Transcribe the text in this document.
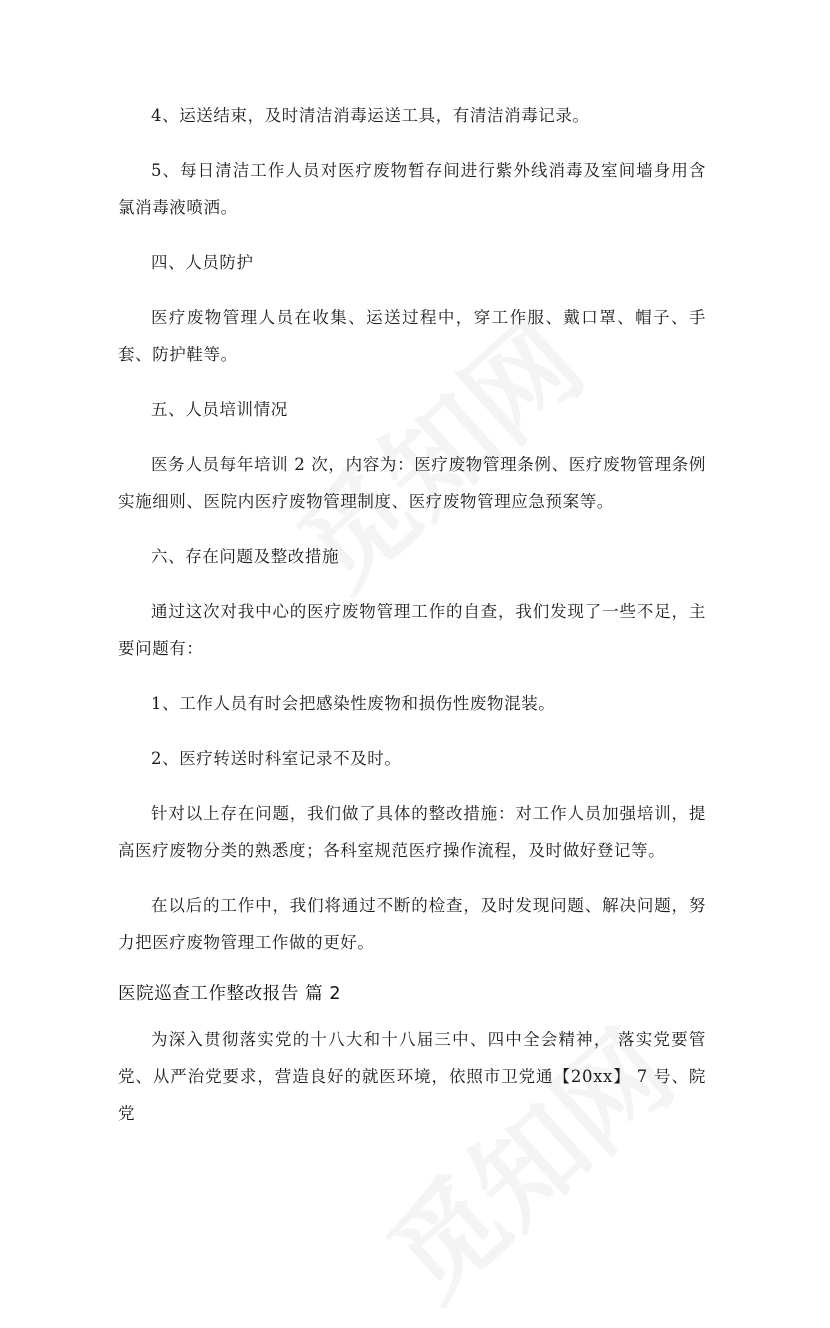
4、运送结束，及时清洁消毒运送工具，有清洁消毒记录。

5、每日清洁工作人员对医疗废物暂存间进行紫外线消毒及室间墙身用含氯消毒液喷洒。

四、人员防护

医疗废物管理人员在收集、运送过程中，穿工作服、戴口罩、帽子、手套、防护鞋等。

五、人员培训情况

医务人员每年培训 2 次，内容为：医疗废物管理条例、医疗废物管理条例实施细则、医院内医疗废物管理制度、医疗废物管理应急预案等。

六、存在问题及整改措施

通过这次对我中心的医疗废物管理工作的自查，我们发现了一些不足，主要问题有：

1、工作人员有时会把感染性废物和损伤性废物混装。

2、医疗转送时科室记录不及时。

针对以上存在问题，我们做了具体的整改措施：对工作人员加强培训，提高医疗废物分类的熟悉度；各科室规范医疗操作流程，及时做好登记等。

在以后的工作中，我们将通过不断的检查，及时发现问题、解决问题，努力把医疗废物管理工作做的更好。

医院巡查工作整改报告 篇 2

为深入贯彻落实党的十八大和十八届三中、四中全会精神， 落实党要管党、从严治党要求，营造良好的就医环境，依照市卫党通【20xx】 7 号、院党
